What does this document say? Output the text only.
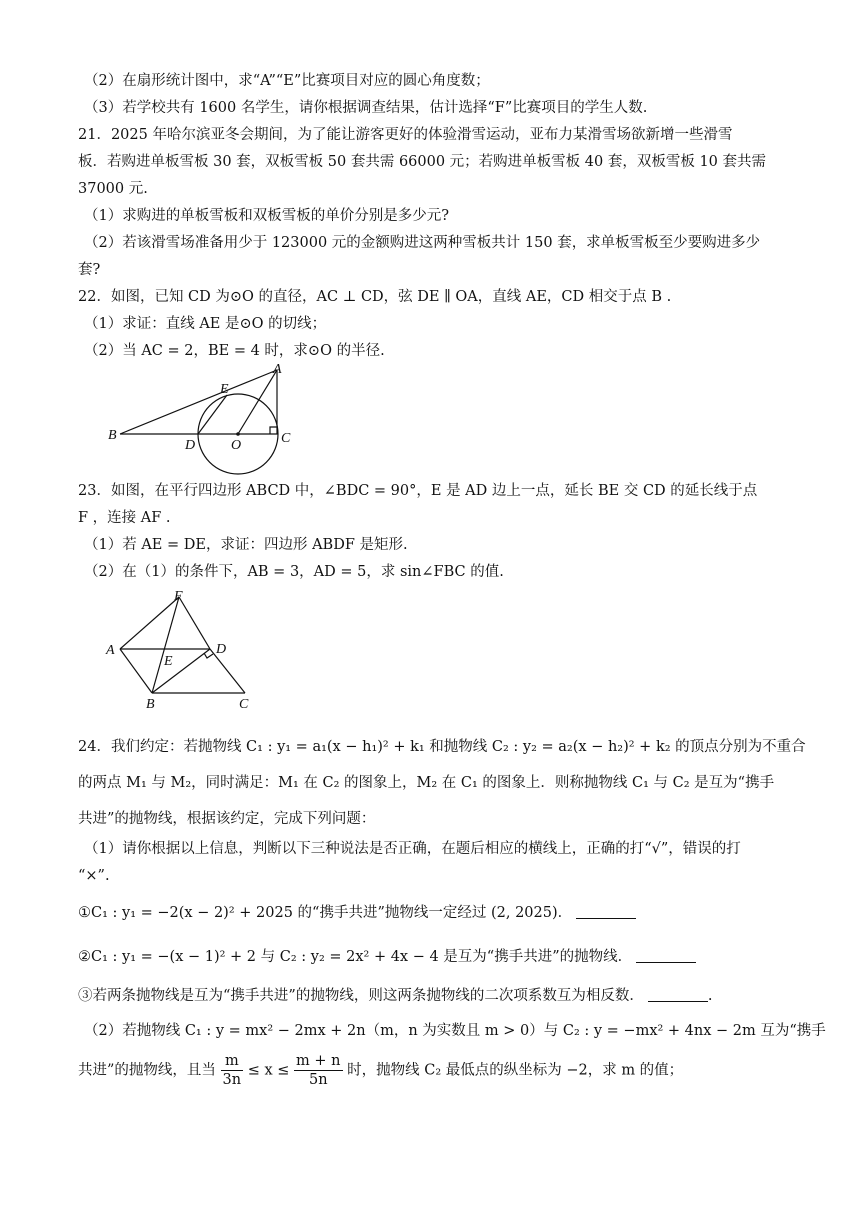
（2）在扇形统计图中，求“A”“E”比赛项目对应的圆心角度数；
（3）若学校共有 1600 名学生，请你根据调查结果，估计选择“F”比赛项目的学生人数.
21．2025 年哈尔滨亚冬会期间，为了能让游客更好的体验滑雪运动，亚布力某滑雪场欲新增一些滑雪
板．若购进单板雪板 30 套，双板雪板 50 套共需 66000 元；若购进单板雪板 40 套，双板雪板 10 套共需
37000 元.
（1）求购进的单板雪板和双板雪板的单价分别是多少元?
（2）若该滑雪场准备用少于 123000 元的金额购进这两种雪板共计 150 套，求单板雪板至少要购进多少
套?
22．如图，已知 CD 为⊙O 的直径，AC ⊥ CD，弦 DE ∥ OA，直线 AE，CD 相交于点 B .
（1）求证：直线 AE 是⊙O 的切线；
（2）当 AC = 2，BE = 4 时，求⊙O 的半径.
A
B	C
D
E
O
23．如图，在平行四边形 ABCD 中，∠BDC = 90°，E 是 AD 边上一点，延长 BE 交 CD 的延长线于点
F ，连接 AF .
（1）若 AE = DE，求证：四边形 ABDF 是矩形.
（2）在（1）的条件下，AB = 3，AD = 5，求 sin∠FBC 的值.
A
B	C
D
E
F
24．我们约定：若抛物线 C₁ : y₁ = a₁(x − h₁)² + k₁ 和抛物线 C₂ : y₂ = a₂(x − h₂)² + k₂ 的顶点分别为不重合
的两点 M₁ 与 M₂，同时满足：M₁ 在 C₂ 的图象上，M₂ 在 C₁ 的图象上．则称抛物线 C₁ 与 C₂ 是互为“携手
共进”的抛物线，根据该约定，完成下列问题：
（1）请你根据以上信息，判断以下三种说法是否正确，在题后相应的横线上，正确的打“√”，错误的打
“×”.
①C₁ : y₁ = −2(x − 2)² + 2025 的“携手共进”抛物线一定经过 (2, 2025)．
②C₁ : y₁ = −(x − 1)² + 2 与 C₂ : y₂ = 2x² + 4x − 4 是互为“携手共进”的抛物线．
③若两条抛物线是互为“携手共进”的抛物线，则这两条抛物线的二次项系数互为相反数．	.
（2）若抛物线 C₁ : y = mx² − 2mx + 2n（m，n 为实数且 m > 0）与 C₂ : y = −mx² + 4nx − 2m 互为“携手
共进”的抛物线，且当 $\frac{m}{3n} \le x \le \frac{m + n}{5n}$ 时，抛物线 C₂ 最低点的纵坐标为 −2，求 m 的值；
